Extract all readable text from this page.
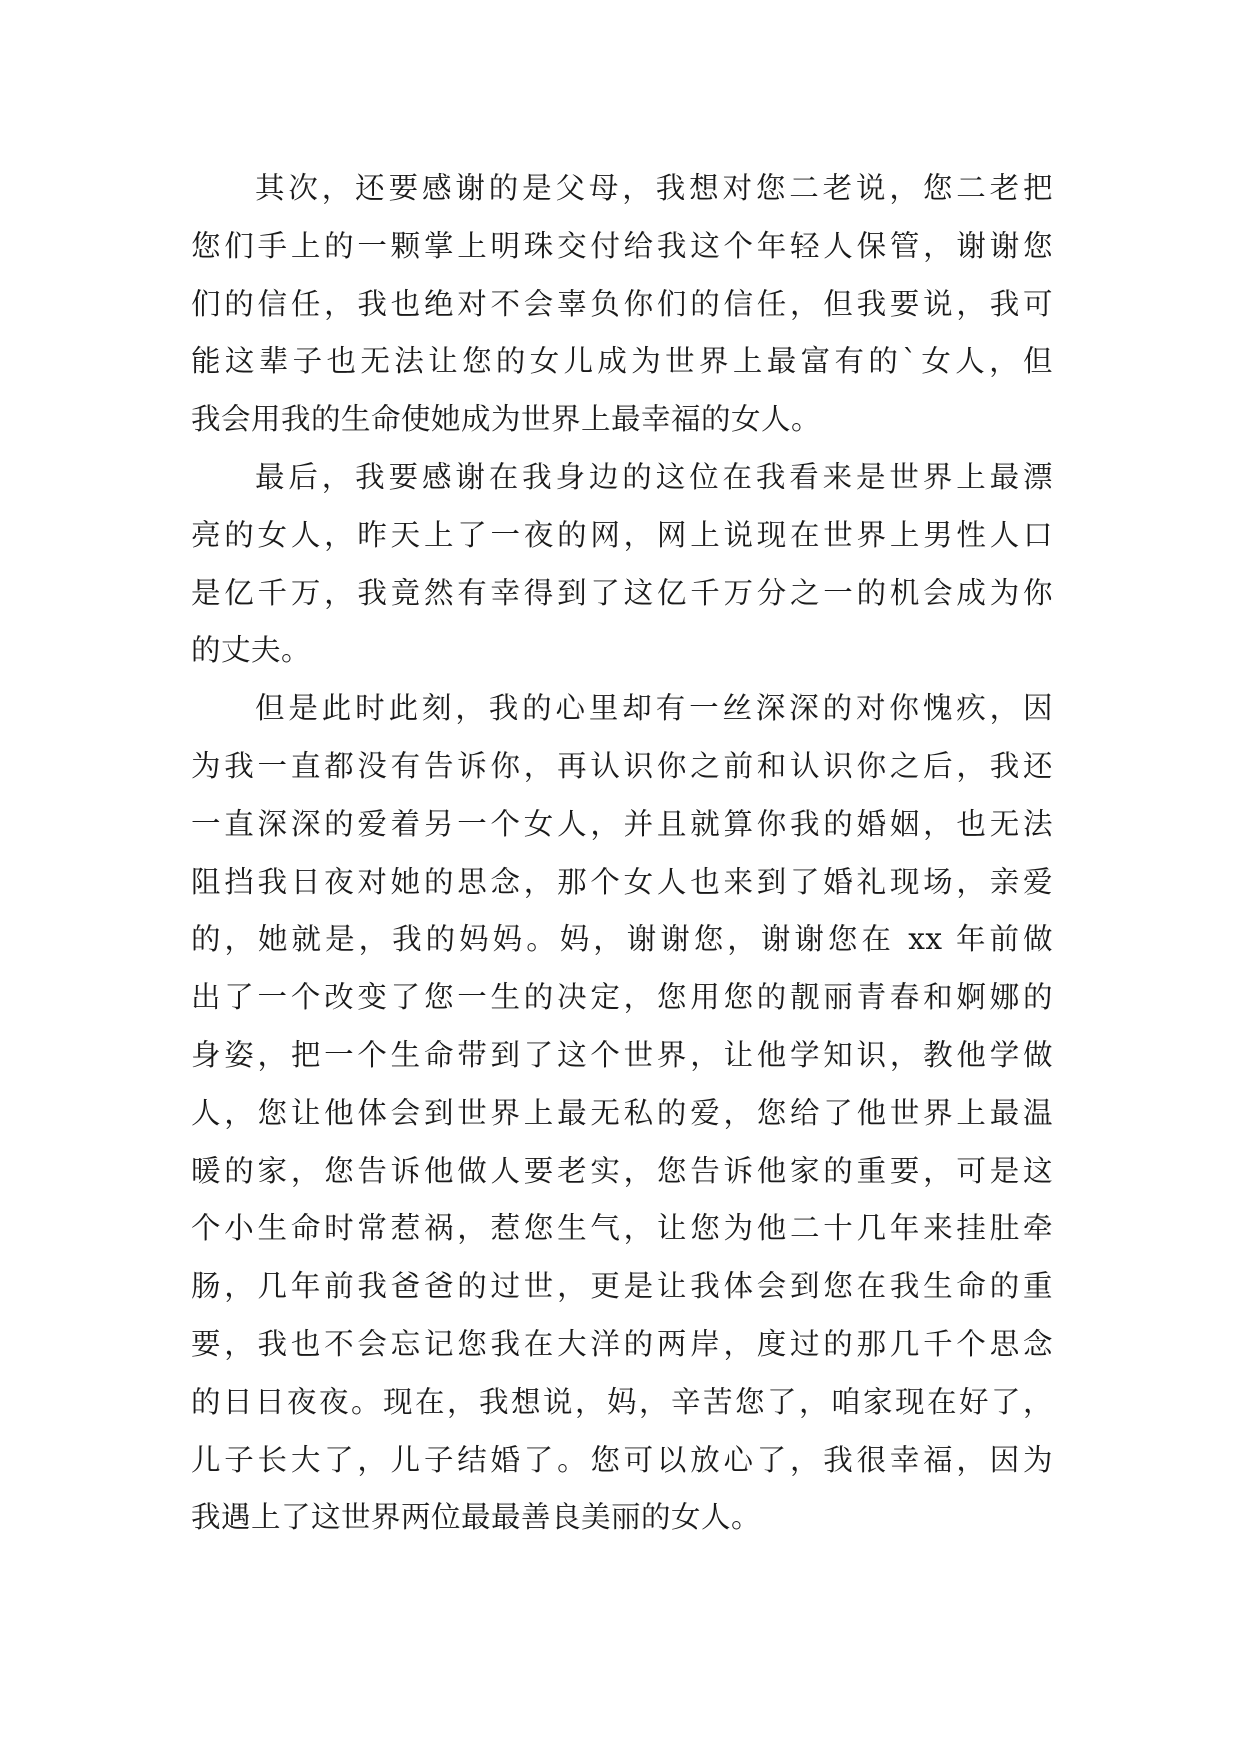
其次，还要感谢的是父母，我想对您二老说，您二老把
您们手上的一颗掌上明珠交付给我这个年轻人保管，谢谢您
们的信任，我也绝对不会辜负你们的信任，但我要说，我可
能这辈子也无法让您的女儿成为世界上最富有的`女人，但
我会用我的生命使她成为世界上最幸福的女人。
最后，我要感谢在我身边的这位在我看来是世界上最漂
亮的女人，昨天上了一夜的网，网上说现在世界上男性人口
是亿千万，我竟然有幸得到了这亿千万分之一的机会成为你
的丈夫。
但是此时此刻，我的心里却有一丝深深的对你愧疚，因
为我一直都没有告诉你，再认识你之前和认识你之后，我还
一直深深的爱着另一个女人，并且就算你我的婚姻，也无法
阻挡我日夜对她的思念，那个女人也来到了婚礼现场，亲爱
的，她就是，我的妈妈。妈，谢谢您，谢谢您在 xx 年前做
出了一个改变了您一生的决定，您用您的靓丽青春和婀娜的
身姿，把一个生命带到了这个世界，让他学知识，教他学做
人，您让他体会到世界上最无私的爱，您给了他世界上最温
暖的家，您告诉他做人要老实，您告诉他家的重要，可是这
个小生命时常惹祸，惹您生气，让您为他二十几年来挂肚牵
肠，几年前我爸爸的过世，更是让我体会到您在我生命的重
要，我也不会忘记您我在大洋的两岸，度过的那几千个思念
的日日夜夜。现在，我想说，妈，辛苦您了，咱家现在好了，
儿子长大了，儿子结婚了。您可以放心了，我很幸福，因为
我遇上了这世界两位最最善良美丽的女人。
